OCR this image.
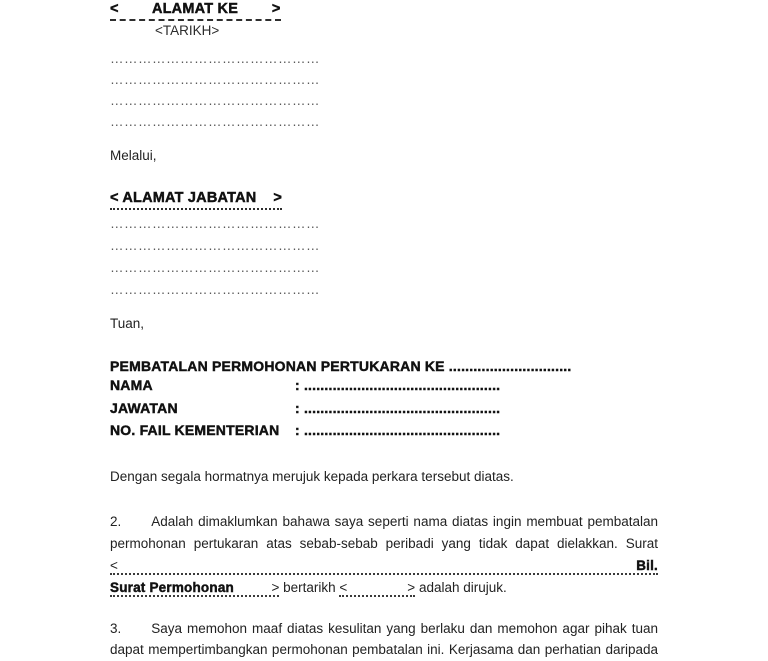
<        ALAMAT KE        >
<TARIKH>
………………………………………
………………………………………
………………………………………
………………………………………
Melalui,
< ALAMAT JABATAN    >
………………………………………
………………………………………
………………………………………
………………………………………
Tuan,
PEMBATALAN PERMOHONAN PERTUKARAN KE ..............................
NAMA	: ................................................
JAWATAN	: ................................................
NO. FAIL KEMENTERIAN : ................................................
Dengan segala hormatnya merujuk kepada perkara tersebut diatas.
2. Adalah dimaklumkan bahawa saya seperti nama diatas ingin membuat pembatalan
permohonan pertukaran atas sebab-sebab peribadi yang tidak dapat dielakkan. Surat <             Bil.
Surat Permohonan          > bertarikh <                > adalah dirujuk.
3. Saya memohon maaf diatas kesulitan yang berlaku dan memohon agar pihak tuan
dapat mempertimbangkan permohonan pembatalan ini. Kerjasama dan perhatian daripada
